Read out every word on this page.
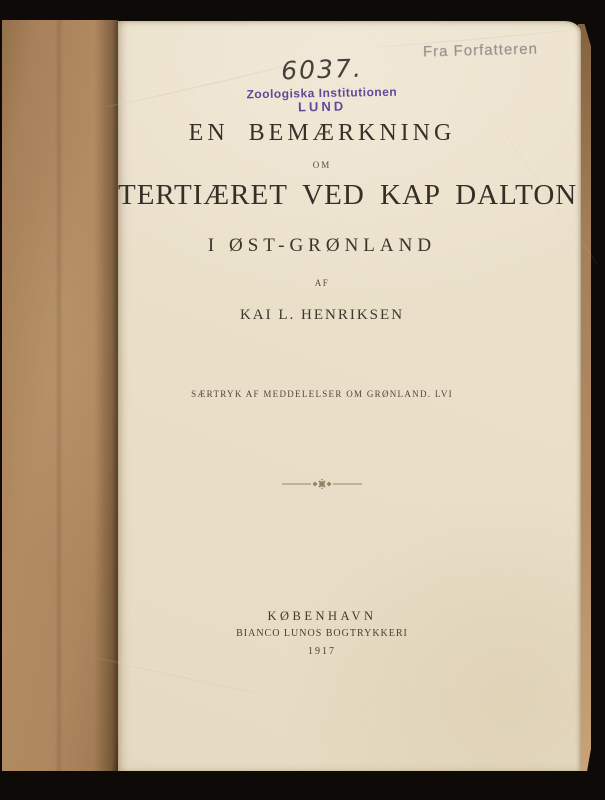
Fra Forfatteren
6037.
Zoologiska Institutionen
LUND
EN BEMÆRKNING
OM
TERTIÆRET VED KAP DALTON
I ØST-GRØNLAND
AF
KAI L. HENRIKSEN
SÆRTRYK AF MEDDELELSER OM GRØNLAND. LVI
KØBENHAVN
BIANCO LUNOS BOGTRYKKERI
1917
